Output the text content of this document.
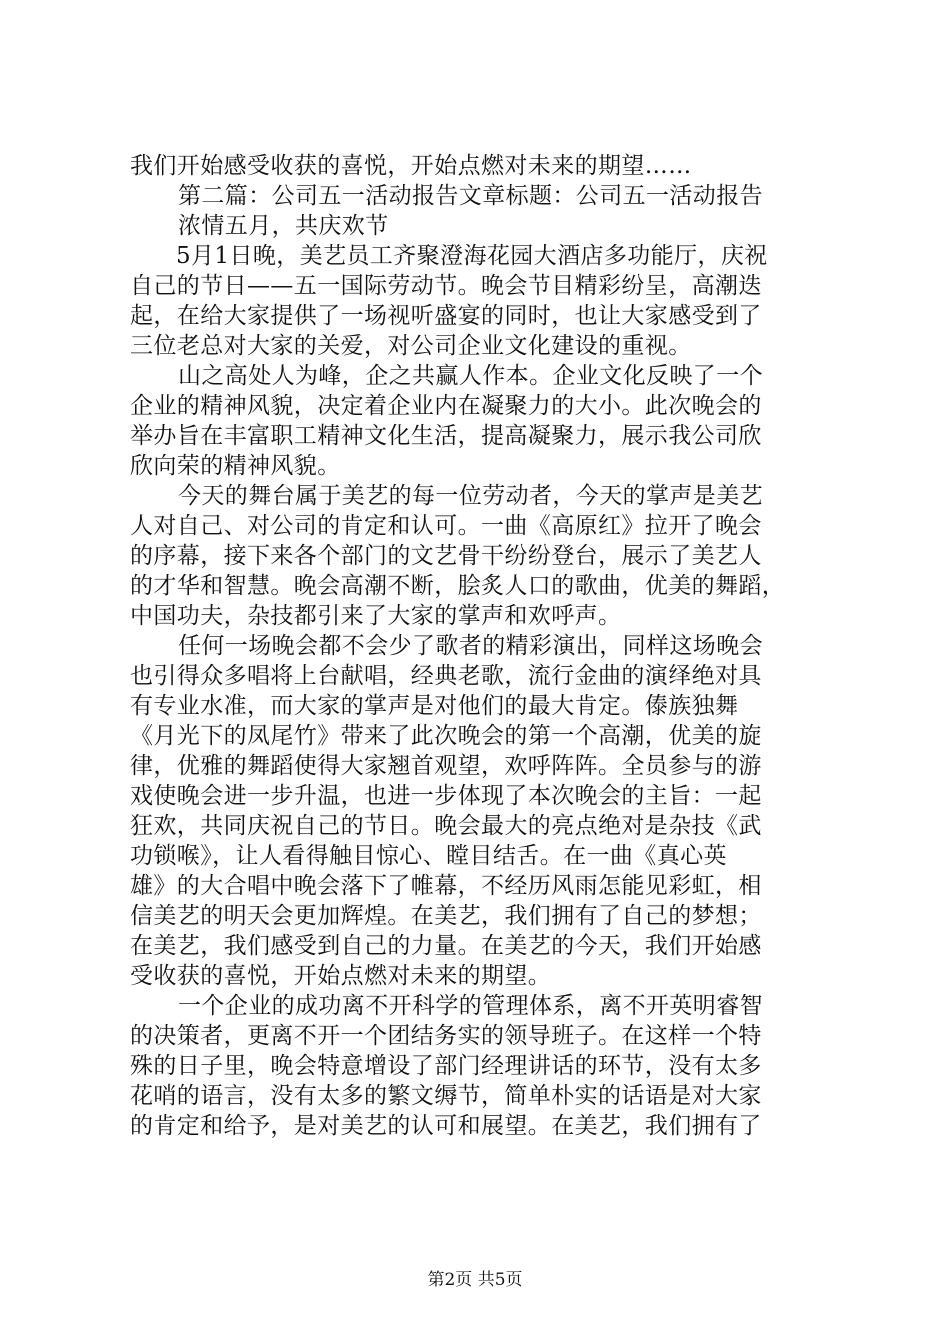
我们开始感受收获的喜悦，开始点燃对未来的期望……
第二篇：公司五一活动报告文章标题：公司五一活动报告
浓情五月，共庆欢节
5月1日晚，美艺员工齐聚澄海花园大酒店多功能厅，庆祝
自己的节日——五一国际劳动节。晚会节目精彩纷呈，高潮迭
起，在给大家提供了一场视听盛宴的同时，也让大家感受到了
三位老总对大家的关爱，对公司企业文化建设的重视。
山之高处人为峰，企之共赢人作本。企业文化反映了一个
企业的精神风貌，决定着企业内在凝聚力的大小。此次晚会的
举办旨在丰富职工精神文化生活，提高凝聚力，展示我公司欣
欣向荣的精神风貌。
今天的舞台属于美艺的每一位劳动者，今天的掌声是美艺
人对自己、对公司的肯定和认可。一曲《高原红》拉开了晚会
的序幕，接下来各个部门的文艺骨干纷纷登台，展示了美艺人
的才华和智慧。晚会高潮不断，脍炙人口的歌曲，优美的舞蹈，
中国功夫，杂技都引来了大家的掌声和欢呼声。
任何一场晚会都不会少了歌者的精彩演出，同样这场晚会
也引得众多唱将上台献唱，经典老歌，流行金曲的演绎绝对具
有专业水准，而大家的掌声是对他们的最大肯定。傣族独舞
《月光下的凤尾竹》带来了此次晚会的第一个高潮，优美的旋
律，优雅的舞蹈使得大家翘首观望，欢呼阵阵。全员参与的游
戏使晚会进一步升温，也进一步体现了本次晚会的主旨：一起
狂欢，共同庆祝自己的节日。晚会最大的亮点绝对是杂技《武
功锁喉》，让人看得触目惊心、瞠目结舌。在一曲《真心英
雄》的大合唱中晚会落下了帷幕，不经历风雨怎能见彩虹，相
信美艺的明天会更加辉煌。在美艺，我们拥有了自己的梦想；
在美艺，我们感受到自己的力量。在美艺的今天，我们开始感
受收获的喜悦，开始点燃对未来的期望。
一个企业的成功离不开科学的管理体系，离不开英明睿智
的决策者，更离不开一个团结务实的领导班子。在这样一个特
殊的日子里，晚会特意增设了部门经理讲话的环节，没有太多
花哨的语言，没有太多的繁文缛节，简单朴实的话语是对大家
的肯定和给予，是对美艺的认可和展望。在美艺，我们拥有了
第2页 共5页
